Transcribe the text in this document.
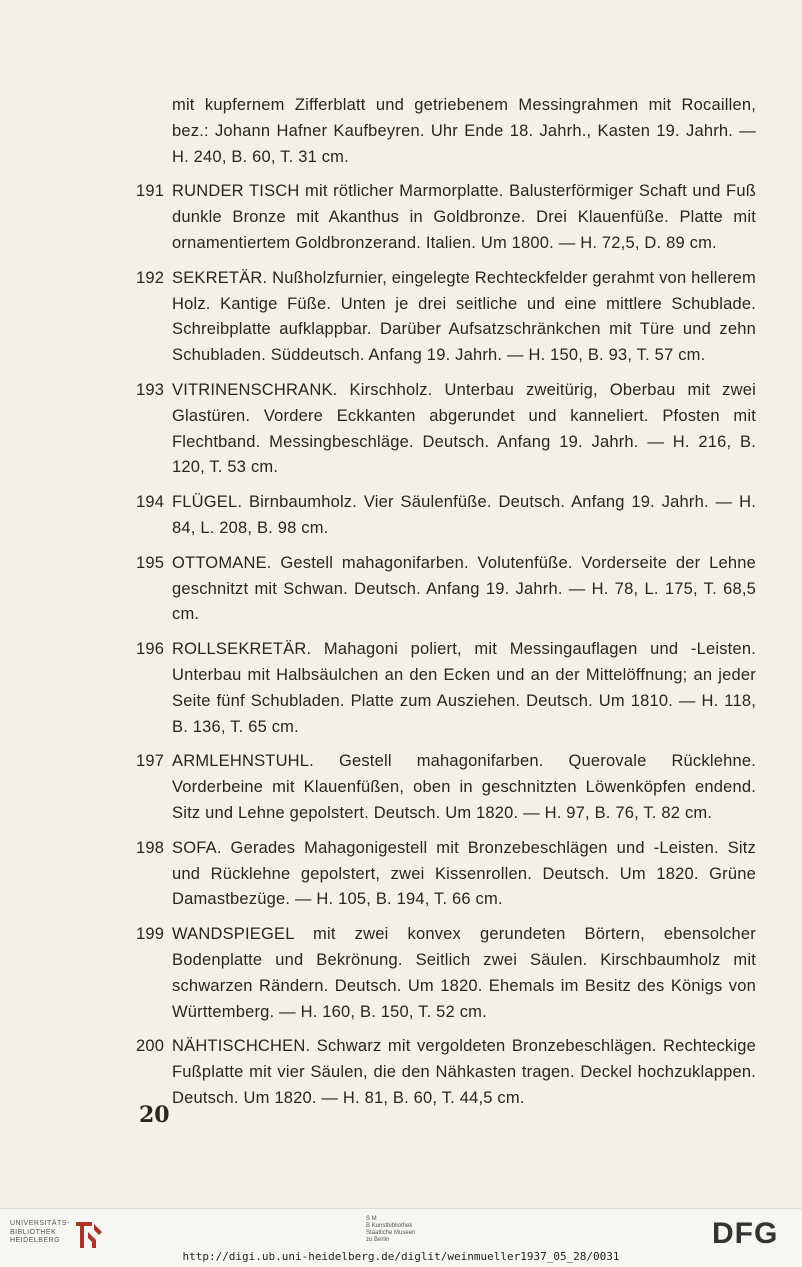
mit kupfernem Zifferblatt und getriebenem Messingrahmen mit Rocaillen, bez.: Johann Hafner Kaufbeyren. Uhr Ende 18. Jahrh., Kasten 19. Jahrh. — H. 240, B. 60, T. 31 cm.
191 RUNDER TISCH mit rötlicher Marmorplatte. Balusterförmiger Schaft und Fuß dunkle Bronze mit Akanthus in Goldbronze. Drei Klauenfüße. Platte mit ornamentiertem Goldbronzerand. Italien. Um 1800. — H. 72,5, D. 89 cm.
192 SEKRETÄR. Nußholzfurnier, eingelegte Rechteckfelder gerahmt von hellerem Holz. Kantige Füße. Unten je drei seitliche und eine mittlere Schublade. Schreibplatte aufklappbar. Darüber Aufsatzschränkchen mit Türe und zehn Schubladen. Süddeutsch. Anfang 19. Jahrh. — H. 150, B. 93, T. 57 cm.
193 VITRINENSCHRANK. Kirschholz. Unterbau zweitürig, Oberbau mit zwei Glastüren. Vordere Eckkanten abgerundet und kanneliert. Pfosten mit Flechtband. Messingbeschläge. Deutsch. Anfang 19. Jahrh. — H. 216, B. 120, T. 53 cm.
194 FLÜGEL. Birnbaumholz. Vier Säulenfüße. Deutsch. Anfang 19. Jahrh. — H. 84, L. 208, B. 98 cm.
195 OTTOMANE. Gestell mahagonifarben. Volutenfüße. Vorderseite der Lehne geschnitzt mit Schwan. Deutsch. Anfang 19. Jahrh. — H. 78, L. 175, T. 68,5 cm.
196 ROLLSEKRETÄR. Mahagoni poliert, mit Messingauflagen und -Leisten. Unterbau mit Halbsäulchen an den Ecken und an der Mittelöffnung; an jeder Seite fünf Schubladen. Platte zum Ausziehen. Deutsch. Um 1810. — H. 118, B. 136, T. 65 cm.
197 ARMLEHNSTUHL. Gestell mahagonifarben. Querovale Rücklehne. Vorderbeine mit Klauenfüßen, oben in geschnitzten Löwenköpfen endend. Sitz und Lehne gepolstert. Deutsch. Um 1820. — H. 97, B. 76, T. 82 cm.
198 SOFA. Gerades Mahagonigestell mit Bronzebeschlägen und -Leisten. Sitz und Rücklehne gepolstert, zwei Kissenrollen. Deutsch. Um 1820. Grüne Damastbezüge. — H. 105, B. 194, T. 66 cm.
199 WANDSPIEGEL mit zwei konvex gerundeten Börtern, ebensolcher Bodenplatte und Bekrönung. Seitlich zwei Säulen. Kirschbaumholz mit schwarzen Rändern. Deutsch. Um 1820. Ehemals im Besitz des Königs von Württemberg. — H. 160, B. 150, T. 52 cm.
200 NÄHTISCHCHEN. Schwarz mit vergoldeten Bronzebeschlägen. Rechteckige Fußplatte mit vier Säulen, die den Nähkasten tragen. Deckel hochzuklappen. Deutsch. Um 1820. — H. 81, B. 60, T. 44,5 cm.
20
UNIVERSITÄTS-
BIBLIOTHEK
HEIDELBERG
S M
B Kunstbibliothek
Staatliche Museen
zu Berlin	DFG
http://digi.ub.uni-heidelberg.de/diglit/weinmueller1937_05_28/0031
